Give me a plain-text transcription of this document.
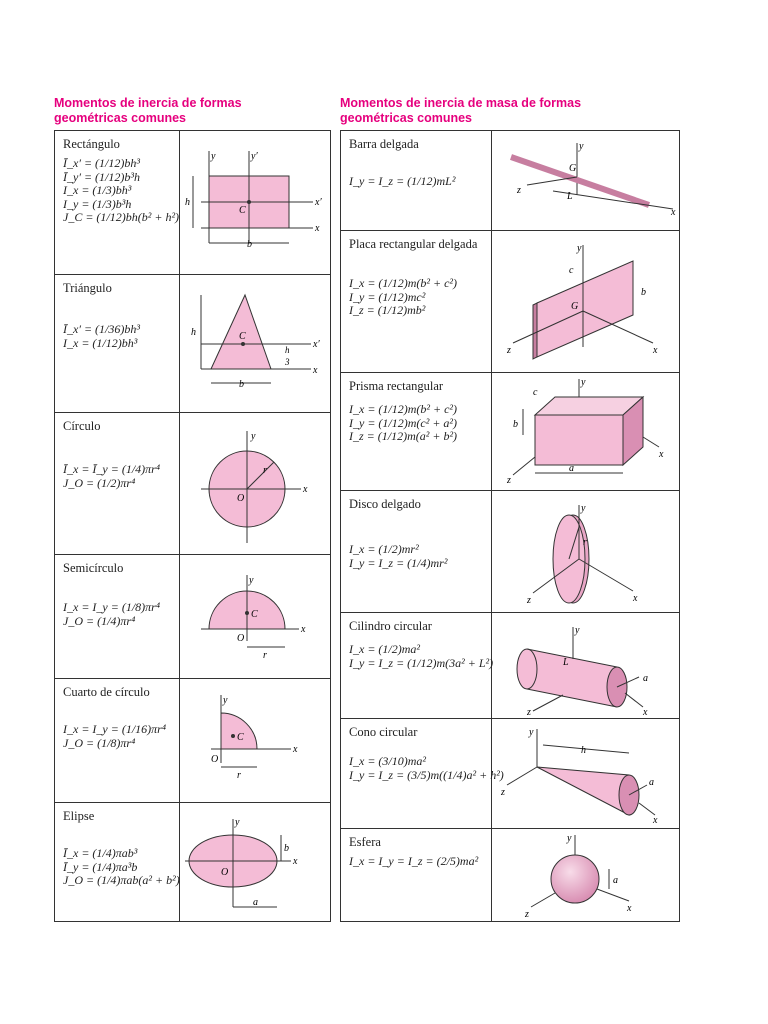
Momentos de inercia de formas
geométricas comunes
Momentos de inercia de masa de formas
geométricas comunes
Rectángulo
Ī_x′ = (1/12)bh³
Ī_y′ = (1/12)b³h
I_x = (1/3)bh³
I_y = (1/3)b³h
J_C = (1/12)bh(b² + h²)
y	y′
x′
x
C
h
b
Triángulo
Ī_x′ = (1/36)bh³
I_x = (1/12)bh³
h	C
x′
x
h
3
b
Círculo
Ī_x = Ī_y = (1/4)πr⁴
J_O = (1/2)πr⁴
y
x
O
r
Semicírculo
I_x = I_y = (1/8)πr⁴
J_O = (1/4)πr⁴
y
x
C
O
r
Cuarto de círculo
I_x = I_y = (1/16)πr⁴
J_O = (1/8)πr⁴
y
x
C
O
r
Elipse
Ī_x = (1/4)πab³
Ī_y = (1/4)πa³b
J_O = (1/4)πab(a² + b²)
y
x
O
b
a
Barra delgada
I_y = I_z = (1/12)mL²
y
G
L
z
x
Placa rectangular delgada
I_x = (1/12)m(b² + c²)
I_y = (1/12)mc²
I_z = (1/12)mb²
y
G
c
b
z	x
Prisma rectangular
I_x = (1/12)m(b² + c²)
I_y = (1/12)m(c² + a²)
I_z = (1/12)m(a² + b²)
y
c
b
a
z
x
Disco delgado
I_x = (1/2)mr²
I_y = I_z = (1/4)mr²
y
r
z	x
Cilindro circular
I_x = (1/2)ma²
I_y = I_z = (1/12)m(3a² + L²)
y
L
a
z	x
Cono circular
I_x = (3/10)ma²
I_y = I_z = (3/5)m((1/4)a² + h²)
y
h
a
z
x
Esfera
I_x = I_y = I_z = (2/5)ma²
y
a
z
x
